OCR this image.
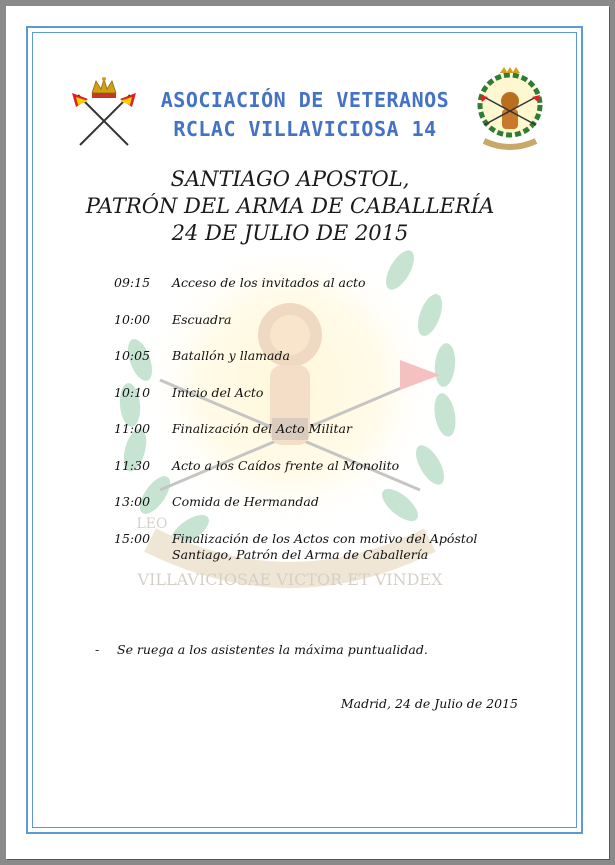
VILLAVICIOSAE VICTOR ET VINDEX
LEO
ASOCIACIÓN DE VETERANOS
RCLAC VILLAVICIOSA 14
SANTIAGO APOSTOL,
PATRÓN DEL ARMA DE CABALLERÍA
24 DE JULIO DE 2015
09:15	Acceso de los invitados al acto
10:00	Escuadra
10:05	Batallón y llamada
10:10	Inicio del Acto
11:00	Finalización del Acto Militar
11:30	Acto a los Caídos frente al Monolito
13:00	Comida de Hermandad
15:00	Finalización de los Actos con motivo del Apóstol Santiago, Patrón del Arma de Caballería
- Se ruega a los asistentes la máxima puntualidad.
Madrid, 24 de Julio de 2015
